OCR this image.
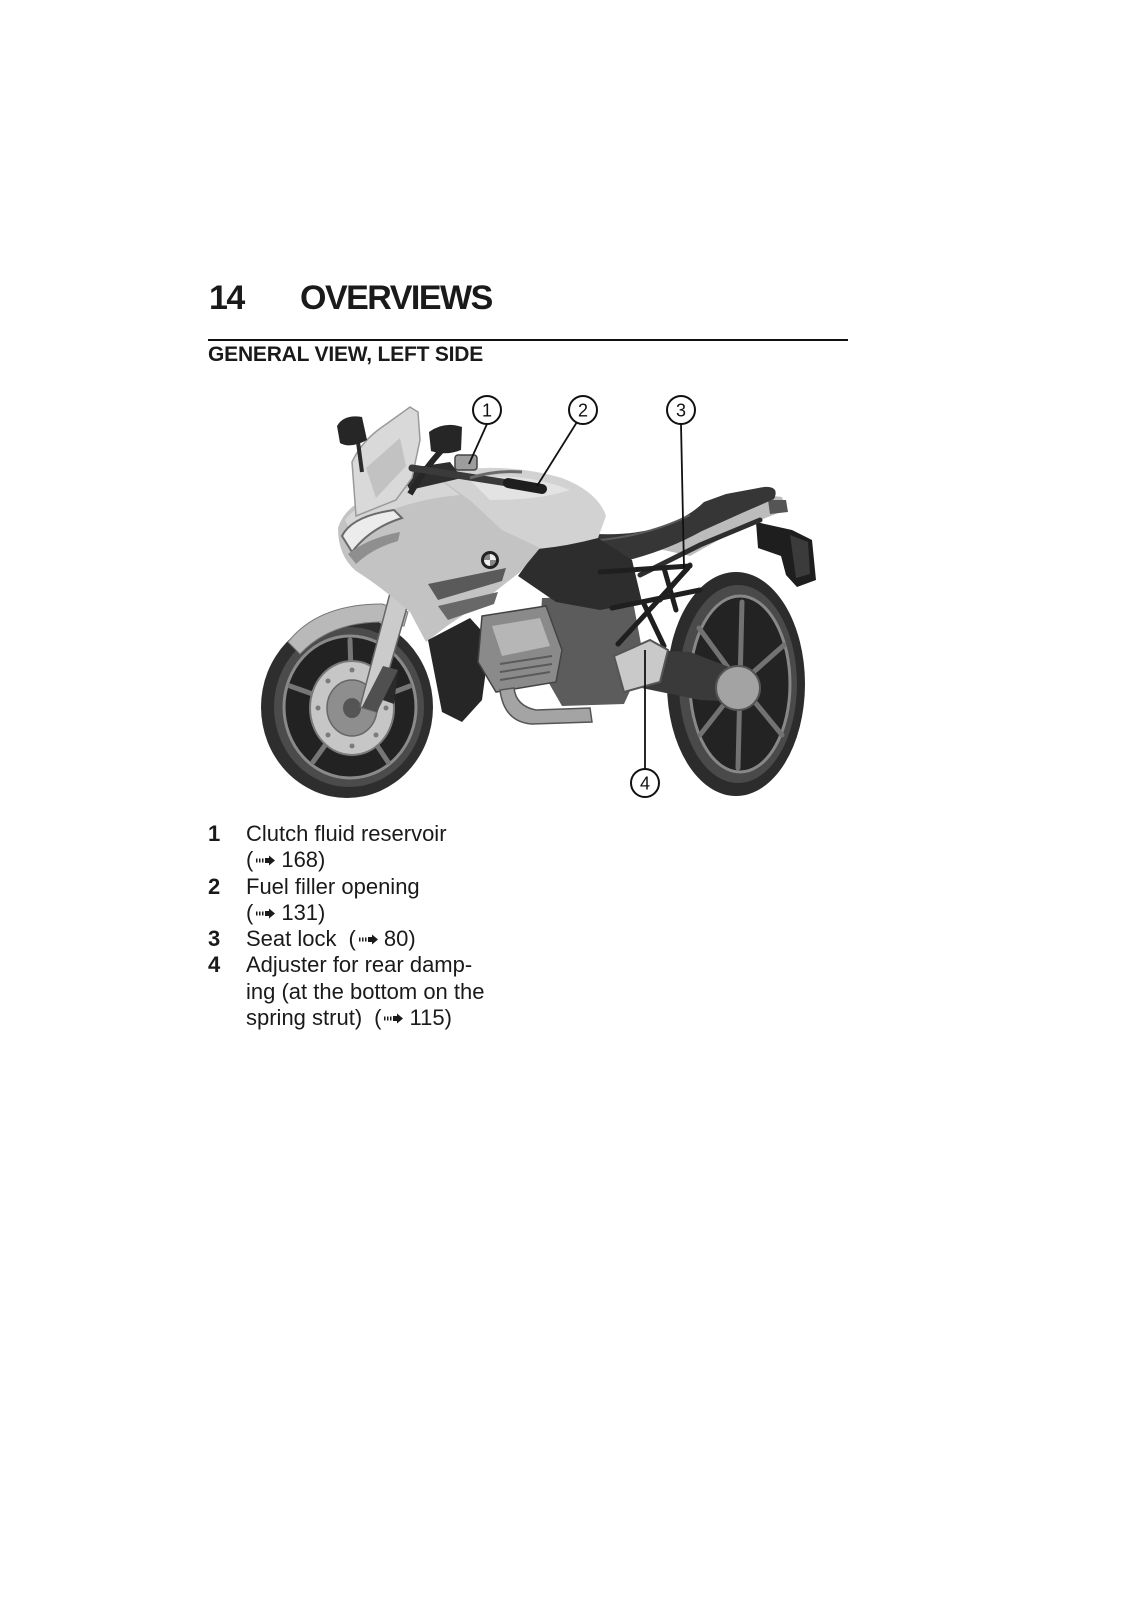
14 OVERVIEWS
GENERAL VIEW, LEFT SIDE
1	2	3
4
1	Clutch fluid reservoir
( 168)
2	Fuel filler opening
( 131)
3	Seat lock ( 80)
4	Adjuster for rear damp-
ing (at the bottom on the
spring strut) ( 115)
